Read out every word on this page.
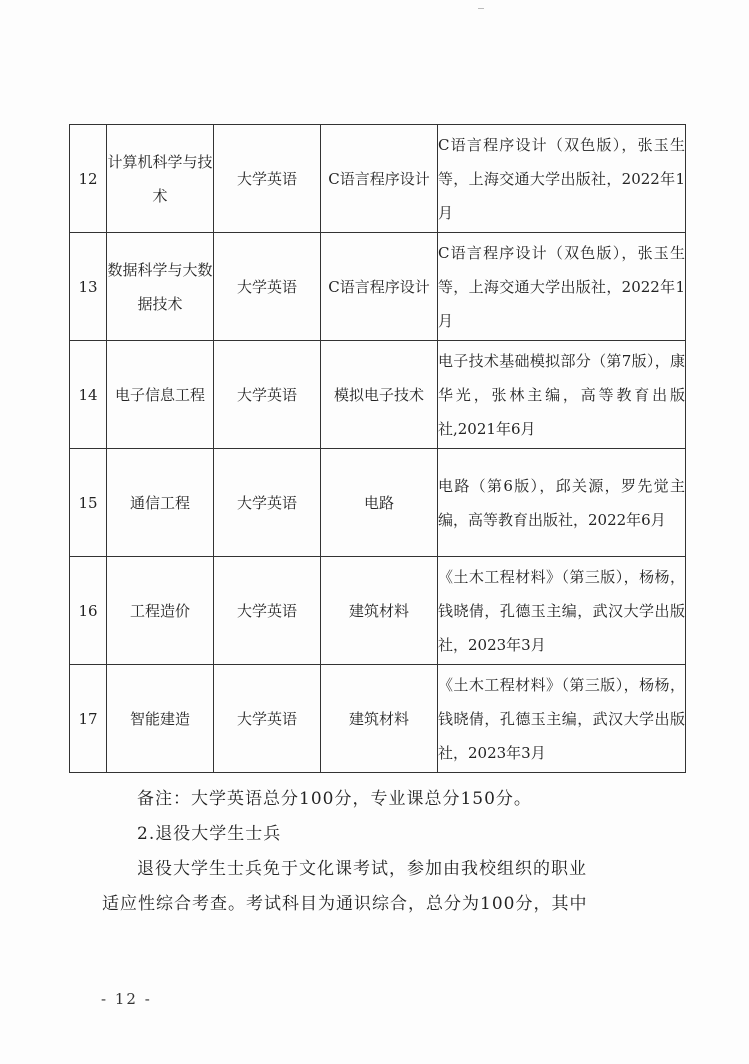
12	计算机科学与技术	大学英语	C语言程序设计	C语言程序设计（双色版），张玉生等，上海交通大学出版社，2022年1月
13	数据科学与大数据技术	大学英语	C语言程序设计	C语言程序设计（双色版），张玉生等，上海交通大学出版社，2022年1月
14	电子信息工程	大学英语	模拟电子技术	电子技术基础模拟部分（第7版），康华光，张林主编，高等教育出版社,2021年6月
15	通信工程	大学英语	电路	电路（第6版），邱关源，罗先觉主编，高等教育出版社，2022年6月
16	工程造价	大学英语	建筑材料	《土木工程材料》（第三版），杨杨，钱晓倩，孔德玉主编，武汉大学出版社，2023年3月
17	智能建造	大学英语	建筑材料	《土木工程材料》（第三版），杨杨，钱晓倩，孔德玉主编，武汉大学出版社，2023年3月
备注：大学英语总分100分，专业课总分150分。
2.退役大学生士兵
退役大学生士兵免于文化课考试，参加由我校组织的职业
适应性综合考查。考试科目为通识综合，总分为100分，其中
- 12 -
